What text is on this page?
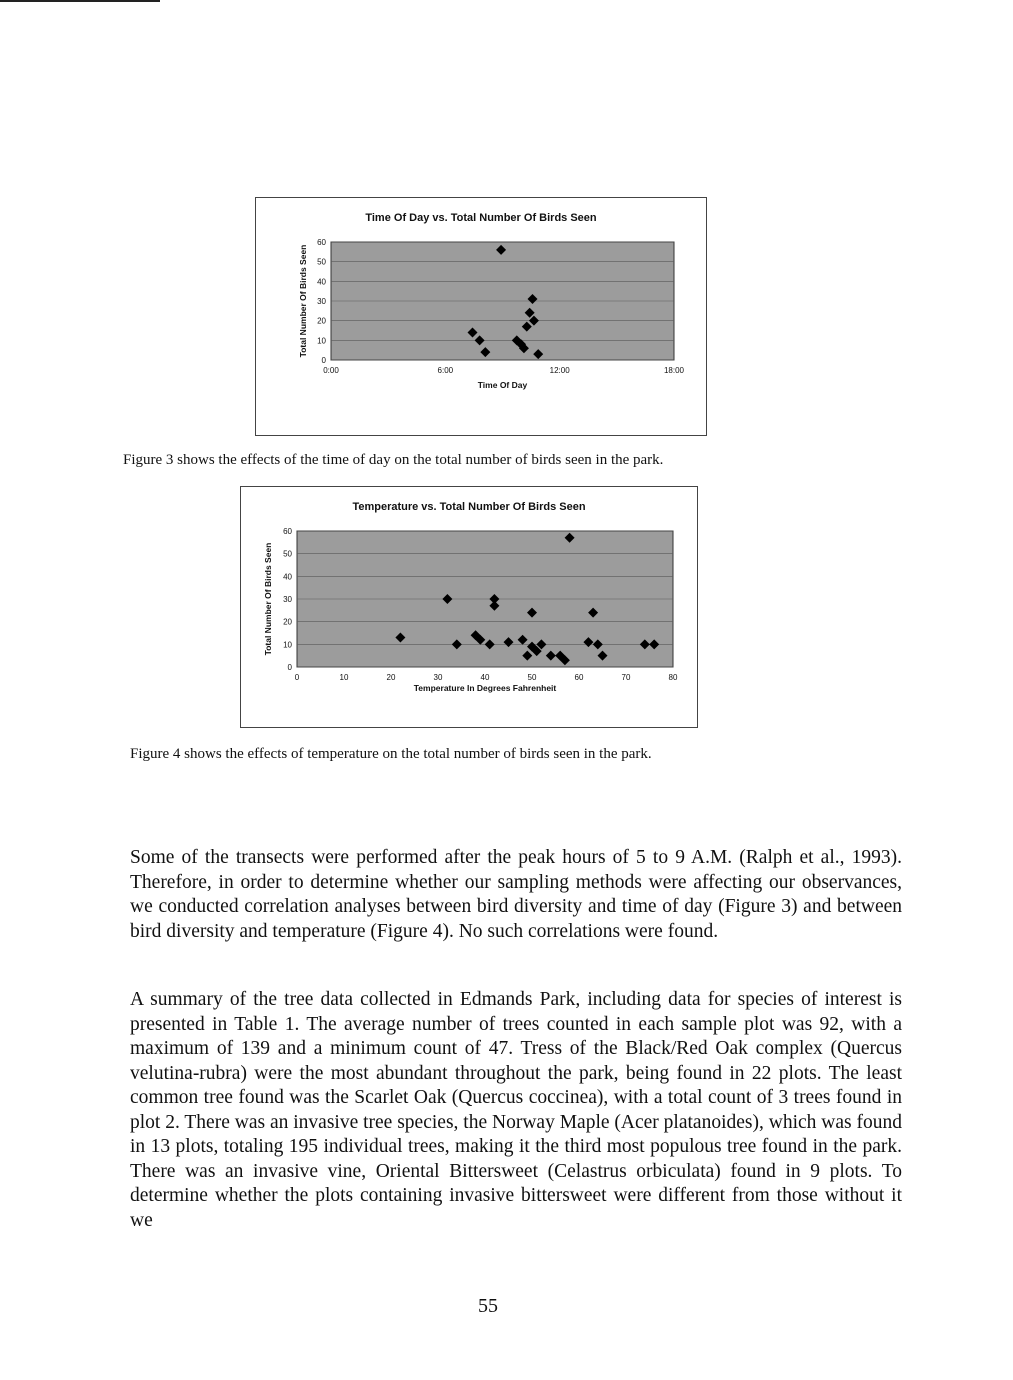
Time Of Day vs. Total Number Of Birds Seen
0
10
20
30
40
50
60
0:00	6:00	12:00	18:00
Time Of Day
Total Number Of Birds Seen
Figure 3 shows the effects of the time of day on the total number of birds seen in the park.
Temperature vs. Total Number Of Birds Seen
0
10
20
30
40
50
60
0	10	20	30	40	50	60	70	80
Temperature In Degrees Fahrenheit
Total Number Of Birds Seen
Figure 4 shows the effects of temperature on the total number of birds seen in the park.

Some of the transects were performed after the peak hours of 5 to 9 A.M. (Ralph et al., 1993). Therefore, in order to determine whether our sampling methods were affecting our observances, we conducted correlation analyses between bird diversity and time of day (Figure 3) and between bird diversity and temperature (Figure 4). No such correlations were found.

A summary of the tree data collected in Edmands Park, including data for species of interest is presented in Table 1. The average number of trees counted in each sample plot was 92, with a maximum of 139 and a minimum count of 47. Tress of the Black/Red Oak complex (Quercus velutina-rubra) were the most abundant throughout the park, being found in 22 plots. The least common tree found was the Scarlet Oak (Quercus coccinea), with a total count of 3 trees found in plot 2. There was an invasive tree species, the Norway Maple (Acer platanoides), which was found in 13 plots, totaling 195 individual trees, making it the third most populous tree found in the park. There was an invasive vine, Oriental Bittersweet (Celastrus orbiculata) found in 9 plots. To determine whether the plots containing invasive bittersweet were different from those without it we

55
